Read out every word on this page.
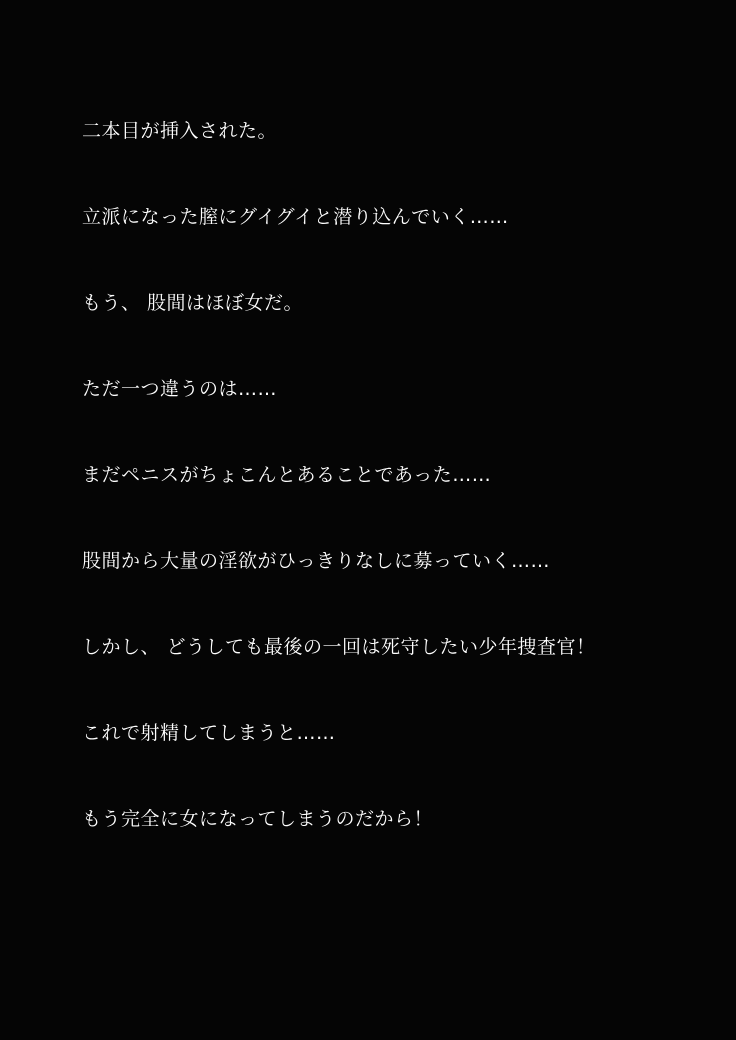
二本目が挿入された。

立派になった膣にグイグイと潜り込んでいく……

もう、 股間はほぼ女だ。

ただ一つ違うのは……

まだペニスがちょこんとあることであった……

股間から大量の淫欲がひっきりなしに募っていく……

しかし、 どうしても最後の一回は死守したい少年捜査官！

これで射精してしまうと……

もう完全に女になってしまうのだから！
